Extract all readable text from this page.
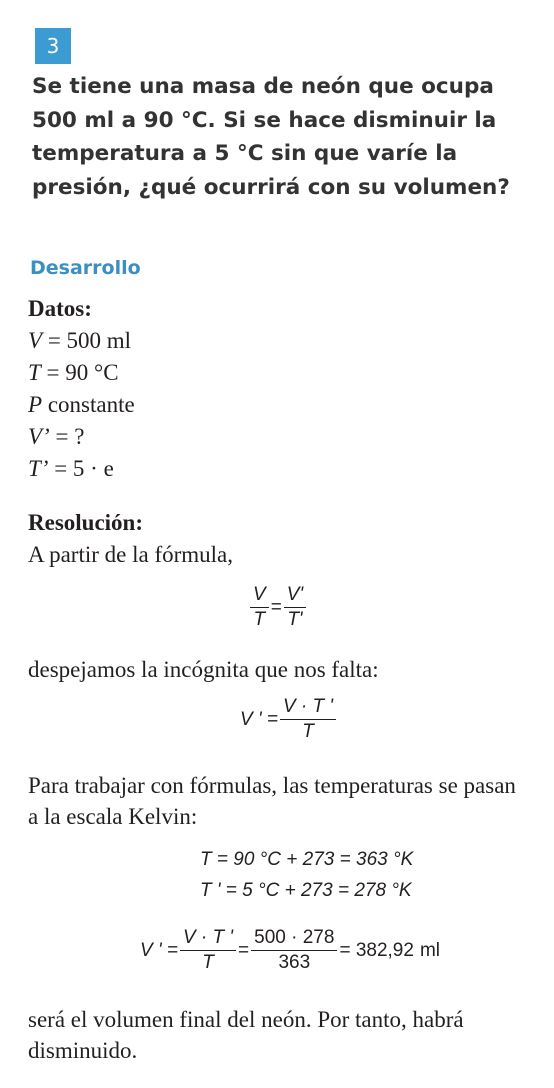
3
Se tiene una masa de neón que ocupa 500 ml a 90 °C. Si se hace disminuir la temperatura a 5 °C sin que varíe la presión, ¿qué ocurrirá con su volumen?
Desarrollo
Datos:
V = 500 ml
T = 90 °C
P constante
V’ = ?
T’ = 5 · e
Resolución:
A partir de la fórmula,
$\frac{V}{T} = \frac{V'}{T'}$
despejamos la incógnita que nos falta:
V ' = $\frac{V \cdot T '}{T}$
Para trabajar con fórmulas, las temperaturas se pasan a la escala Kelvin:
T = 90 °C + 273 = 363 °K
T ' = 5 °C + 273 = 278 °K
V ' = $\frac{V \cdot T '}{T} = \frac{500 \cdot 278}{363} = 382,92$ ml
será el volumen final del neón. Por tanto, habrá disminuido.
